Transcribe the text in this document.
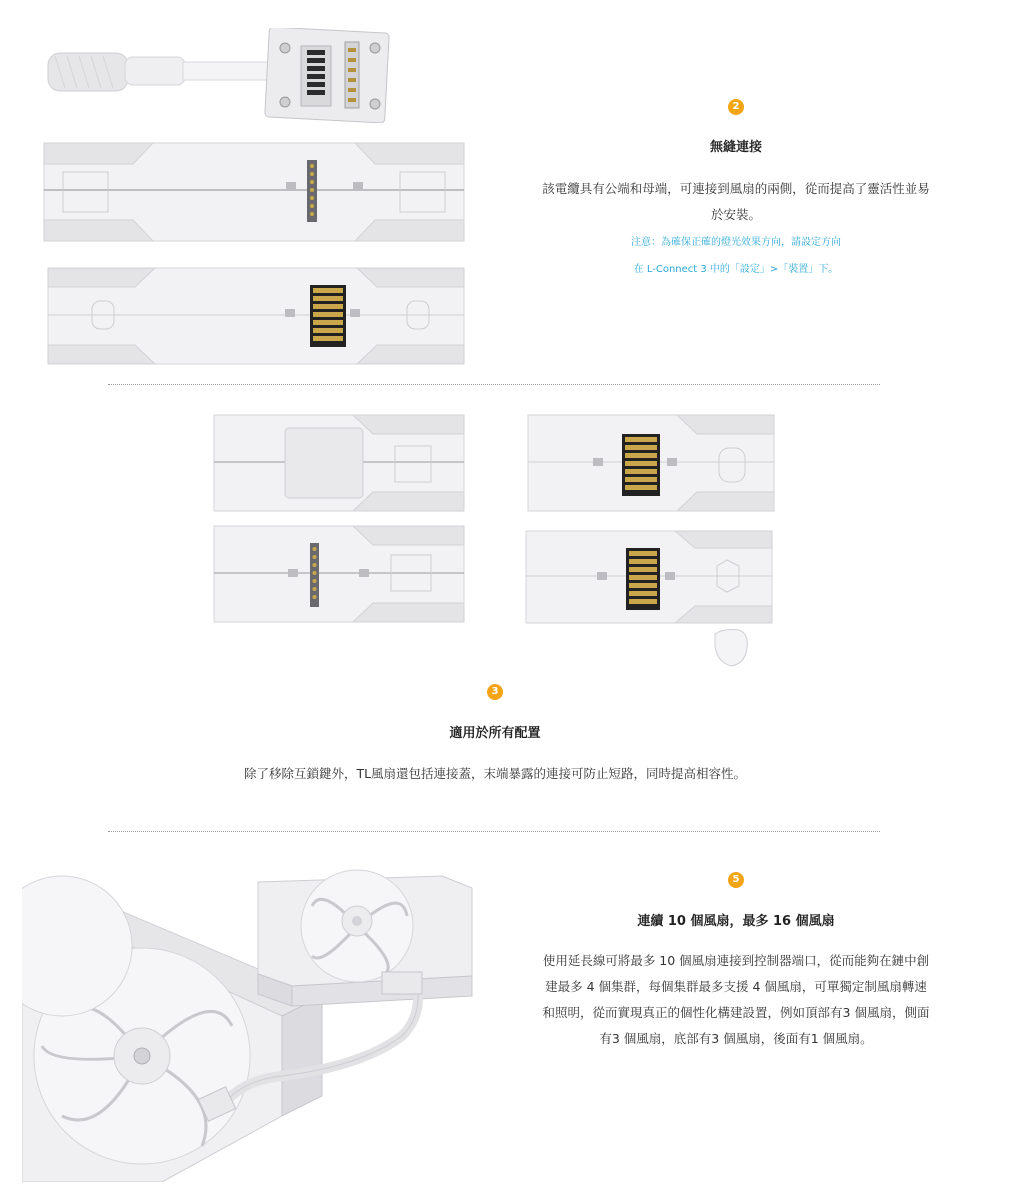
2
無縫連接
該電纜具有公端和母端，可連接到風扇的兩側，從而提高了靈活性並易
於安裝。
注意：為確保正確的燈光效果方向，請設定方向
在 L-Connect 3 中的「設定」>「裝置」下。
3
適用於所有配置
除了移除互鎖鍵外，TL風扇還包括連接蓋，末端暴露的連接可防止短路，同時提高相容性。
5
連續 10 個風扇，最多 16 個風扇
使用延長線可將最多 10 個風扇連接到控制器端口，從而能夠在鏈中創
建最多 4 個集群，每個集群最多支援 4 個風扇，可單獨定制風扇轉速
和照明，從而實現真正的個性化構建設置，例如頂部有3 個風扇，側面
有3 個風扇，底部有3 個風扇，後面有1 個風扇。
